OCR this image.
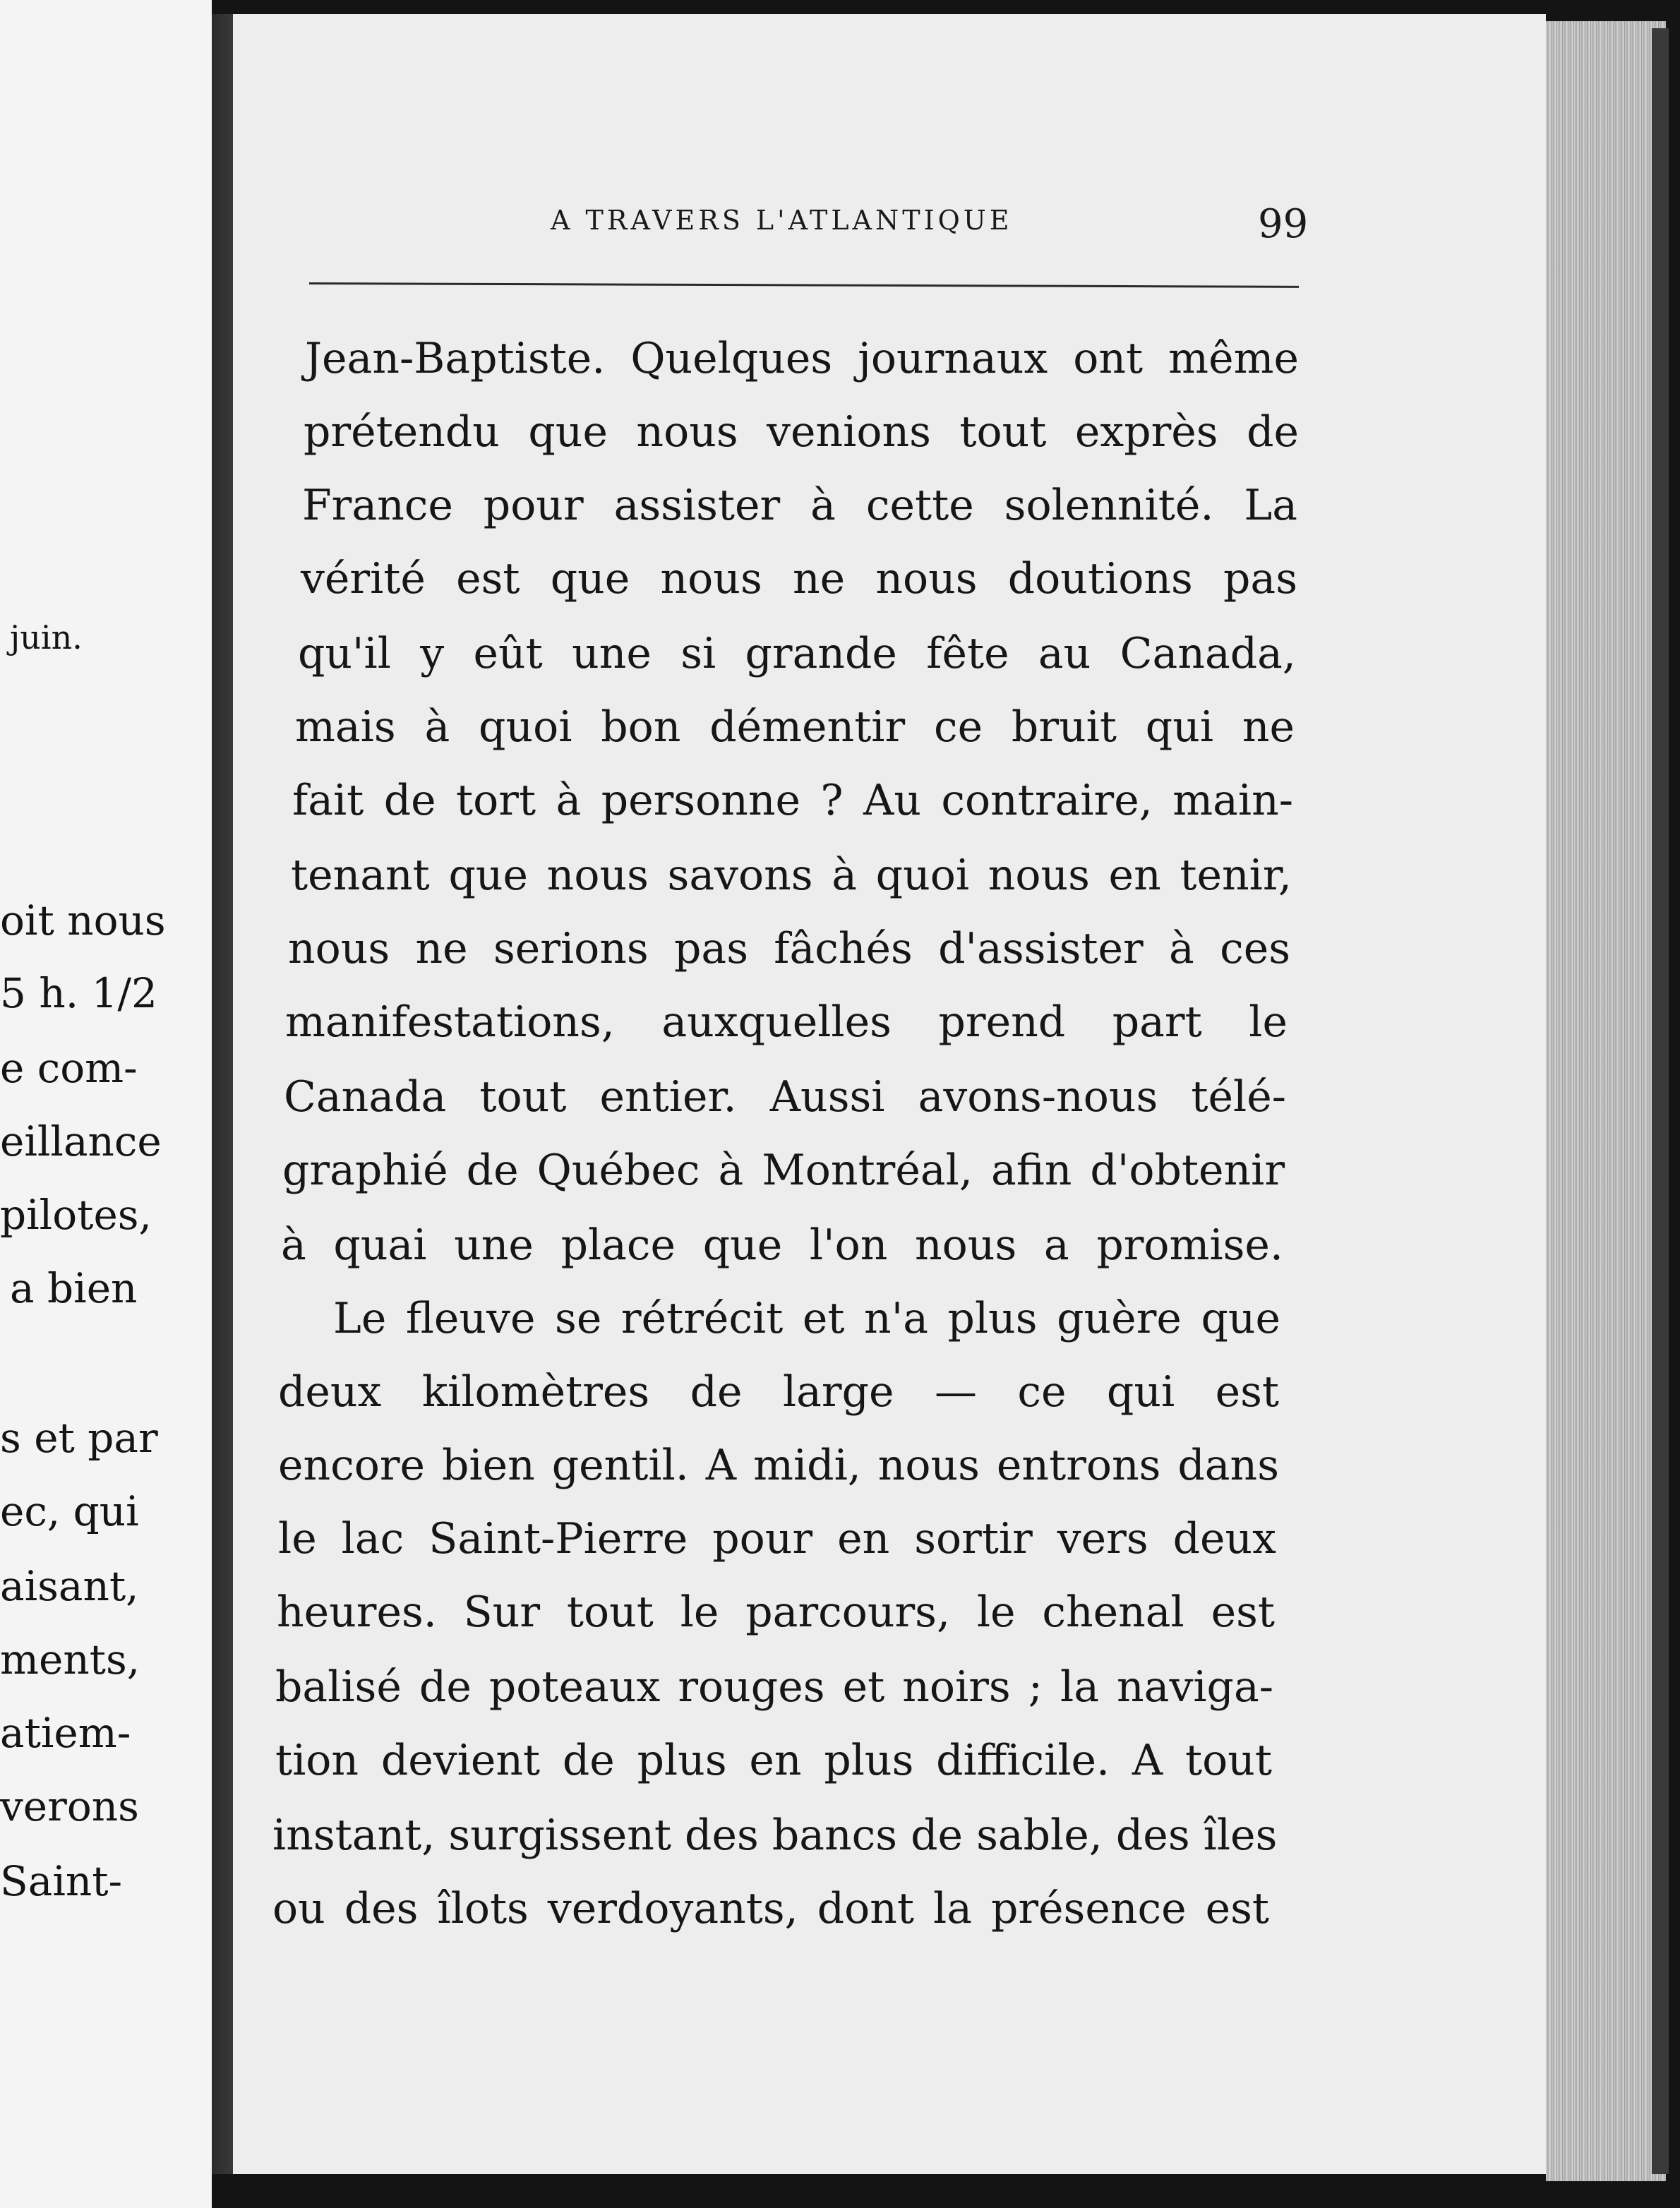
juin.
oit nous
5 h. 1/2
e com-
eillance
pilotes,
a bien
s et par
ec, qui
aisant,
ments,
atiem-
verons
Saint-
A TRAVERS L'ATLANTIQUE	99
Jean-Baptiste. Quelques journaux ont même
prétendu que nous venions tout exprès de
France pour assister à cette solennité. La
vérité est que nous ne nous doutions pas
qu'il y eût une si grande fête au Canada,
mais à quoi bon démentir ce bruit qui ne
fait de tort à personne ? Au contraire, main-
tenant que nous savons à quoi nous en tenir,
nous ne serions pas fâchés d'assister à ces
manifestations, auxquelles prend part le
Canada tout entier. Aussi avons-nous télé-
graphié de Québec à Montréal, afin d'obtenir
à quai une place que l'on nous a promise.
Le fleuve se rétrécit et n'a plus guère que
deux kilomètres de large — ce qui est
encore bien gentil. A midi, nous entrons dans
le lac Saint-Pierre pour en sortir vers deux
heures. Sur tout le parcours, le chenal est
balisé de poteaux rouges et noirs ; la naviga-
tion devient de plus en plus difficile. A tout
instant, surgissent des bancs de sable, des îles
ou des îlots verdoyants, dont la présence est
